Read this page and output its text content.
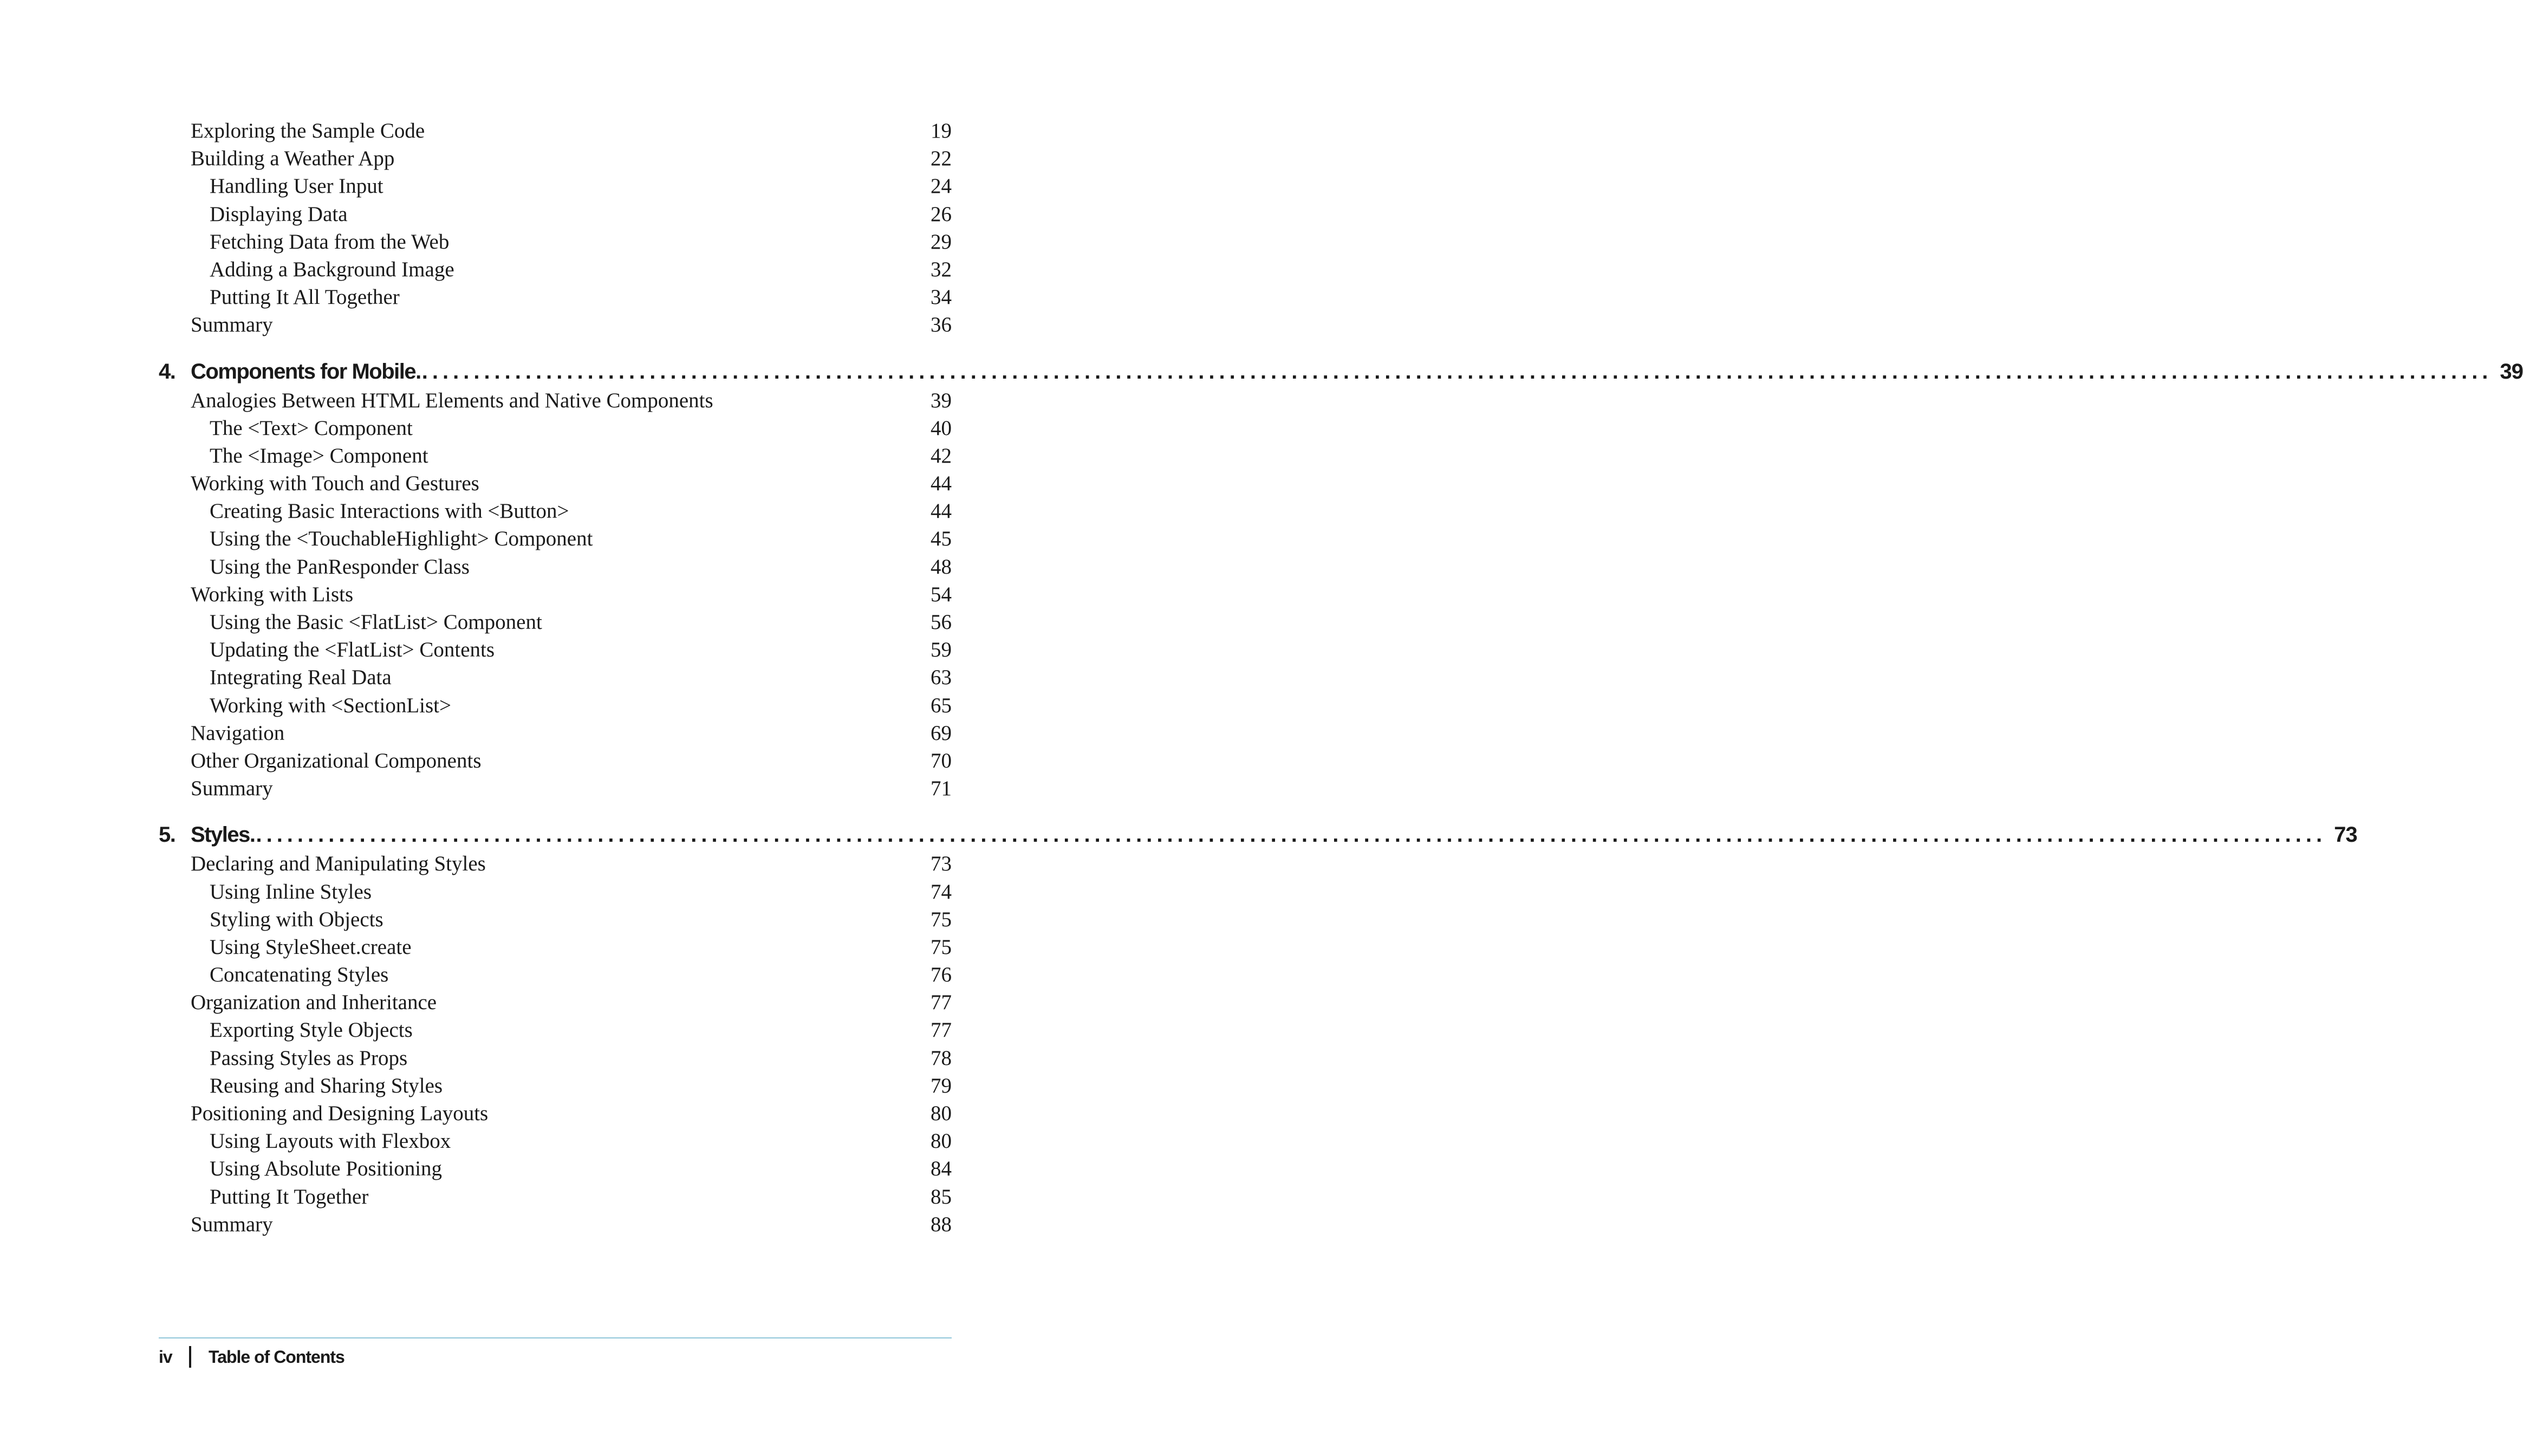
Exploring the Sample Code	19
Building a Weather App	22
Handling User Input	24
Displaying Data	26
Fetching Data from the Web	29
Adding a Background Image	32
Putting It All Together	34
Summary	36
4. Components for Mobile. ........................................................................................................................................................................................................ 39
Analogies Between HTML Elements and Native Components	39
The <Text> Component	40
The <Image> Component	42
Working with Touch and Gestures	44
Creating Basic Interactions with <Button>	44
Using the <TouchableHighlight> Component	45
Using the PanResponder Class	48
Working with Lists	54
Using the Basic <FlatList> Component	56
Updating the <FlatList> Contents	59
Integrating Real Data	63
Working with <SectionList>	65
Navigation	69
Other Organizational Components	70
Summary	71
5. Styles. ........................................................................................................................................................................................................ 73
Declaring and Manipulating Styles	73
Using Inline Styles	74
Styling with Objects	75
Using StyleSheet.create	75
Concatenating Styles	76
Organization and Inheritance	77
Exporting Style Objects	77
Passing Styles as Props	78
Reusing and Sharing Styles	79
Positioning and Designing Layouts	80
Using Layouts with Flexbox	80
Using Absolute Positioning	84
Putting It Together	85
Summary	88
iv	Table of Contents
